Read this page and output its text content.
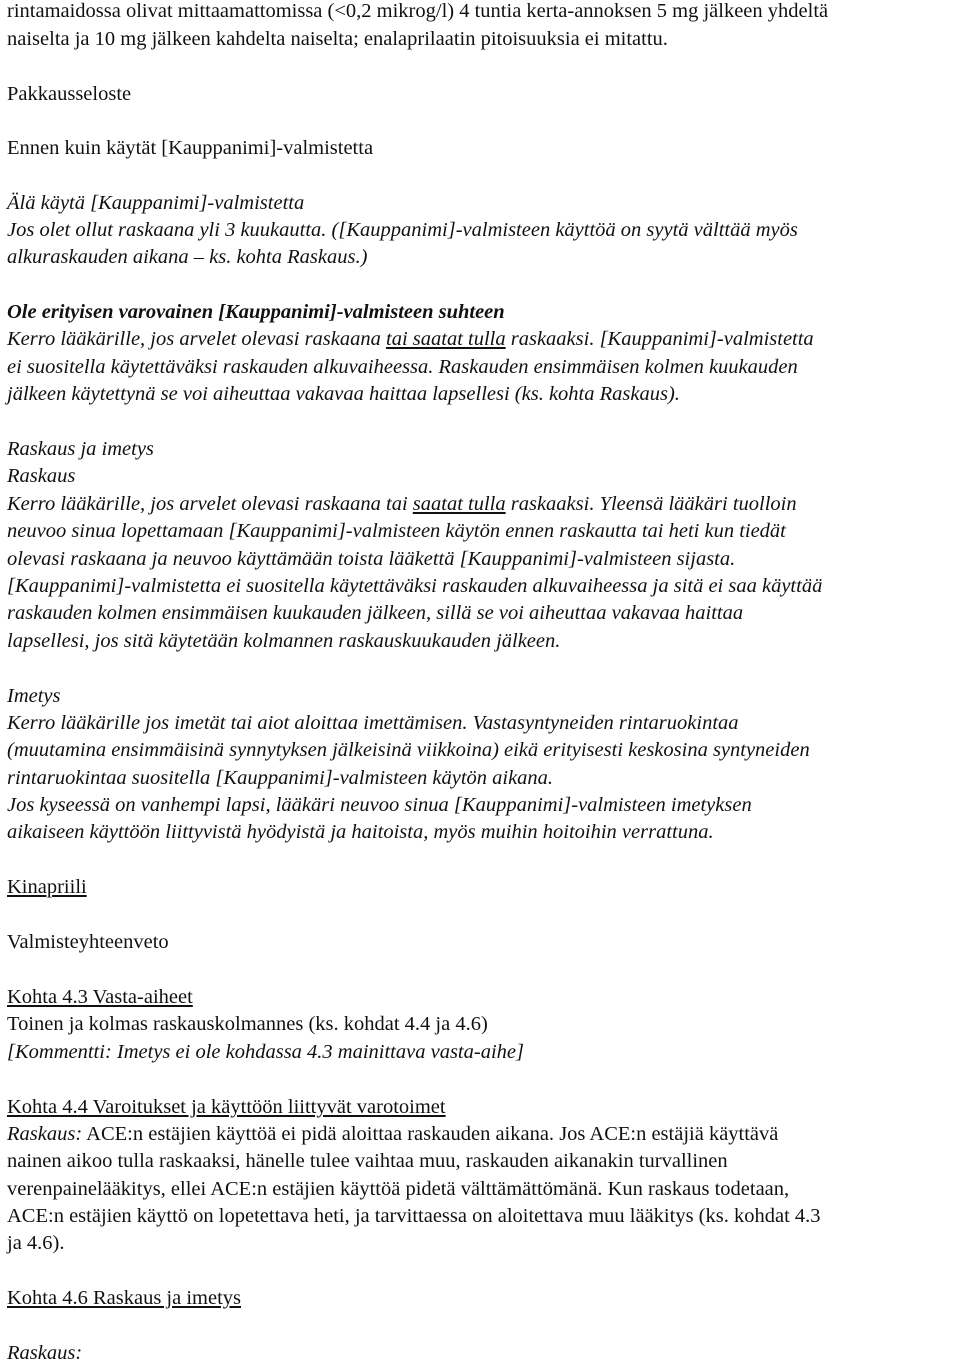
rintamaidossa olivat mittaamattomissa (<0,2 mikrog/l) 4 tuntia kerta-annoksen 5 mg jälkeen yhdeltä
naiselta ja 10 mg jälkeen kahdelta naiselta; enalaprilaatin pitoisuuksia ei mitattu.
Pakkausseloste
Ennen kuin käytät [Kauppanimi]-valmistetta
Älä käytä [Kauppanimi]-valmistetta
Jos olet ollut raskaana yli 3 kuukautta. ([Kauppanimi]-valmisteen käyttöä on syytä välttää myös
alkuraskauden aikana – ks. kohta Raskaus.)
Ole erityisen varovainen [Kauppanimi]-valmisteen suhteen
Kerro lääkärille, jos arvelet olevasi raskaana tai saatat tulla raskaaksi. [Kauppanimi]-valmistetta
ei suositella käytettäväksi raskauden alkuvaiheessa. Raskauden ensimmäisen kolmen kuukauden
jälkeen käytettynä se voi aiheuttaa vakavaa haittaa lapsellesi (ks. kohta Raskaus).
Raskaus ja imetys
Raskaus
Kerro lääkärille, jos arvelet olevasi raskaana tai saatat tulla raskaaksi. Yleensä lääkäri tuolloin
neuvoo sinua lopettamaan [Kauppanimi]-valmisteen käytön ennen raskautta tai heti kun tiedät
olevasi raskaana ja neuvoo käyttämään toista lääkettä [Kauppanimi]-valmisteen sijasta.
[Kauppanimi]-valmistetta ei suositella käytettäväksi raskauden alkuvaiheessa ja sitä ei saa käyttää
raskauden kolmen ensimmäisen kuukauden jälkeen, sillä se voi aiheuttaa vakavaa haittaa
lapsellesi, jos sitä käytetään kolmannen raskauskuukauden jälkeen.
Imetys
Kerro lääkärille jos imetät tai aiot aloittaa imettämisen. Vastasyntyneiden rintaruokintaa
(muutamina ensimmäisinä synnytyksen jälkeisinä viikkoina) eikä erityisesti keskosina syntyneiden
rintaruokintaa suositella [Kauppanimi]-valmisteen käytön aikana.
Jos kyseessä on vanhempi lapsi, lääkäri neuvoo sinua [Kauppanimi]-valmisteen imetyksen
aikaiseen käyttöön liittyvistä hyödyistä ja haitoista, myös muihin hoitoihin verrattuna.
Kinapriili
Valmisteyhteenveto
Kohta 4.3 Vasta-aiheet
Toinen ja kolmas raskauskolmannes (ks. kohdat 4.4 ja 4.6)
[Kommentti: Imetys ei ole kohdassa 4.3 mainittava vasta-aihe]
Kohta 4.4 Varoitukset ja käyttöön liittyvät varotoimet
Raskaus: ACE:n estäjien käyttöä ei pidä aloittaa raskauden aikana. Jos ACE:n estäjiä käyttävä
nainen aikoo tulla raskaaksi, hänelle tulee vaihtaa muu, raskauden aikanakin turvallinen
verenpainelääkitys, ellei ACE:n estäjien käyttöä pidetä välttämättömänä. Kun raskaus todetaan,
ACE:n estäjien käyttö on lopetettava heti, ja tarvittaessa on aloitettava muu lääkitys (ks. kohdat 4.3
ja 4.6).
Kohta 4.6 Raskaus ja imetys
Raskaus:
